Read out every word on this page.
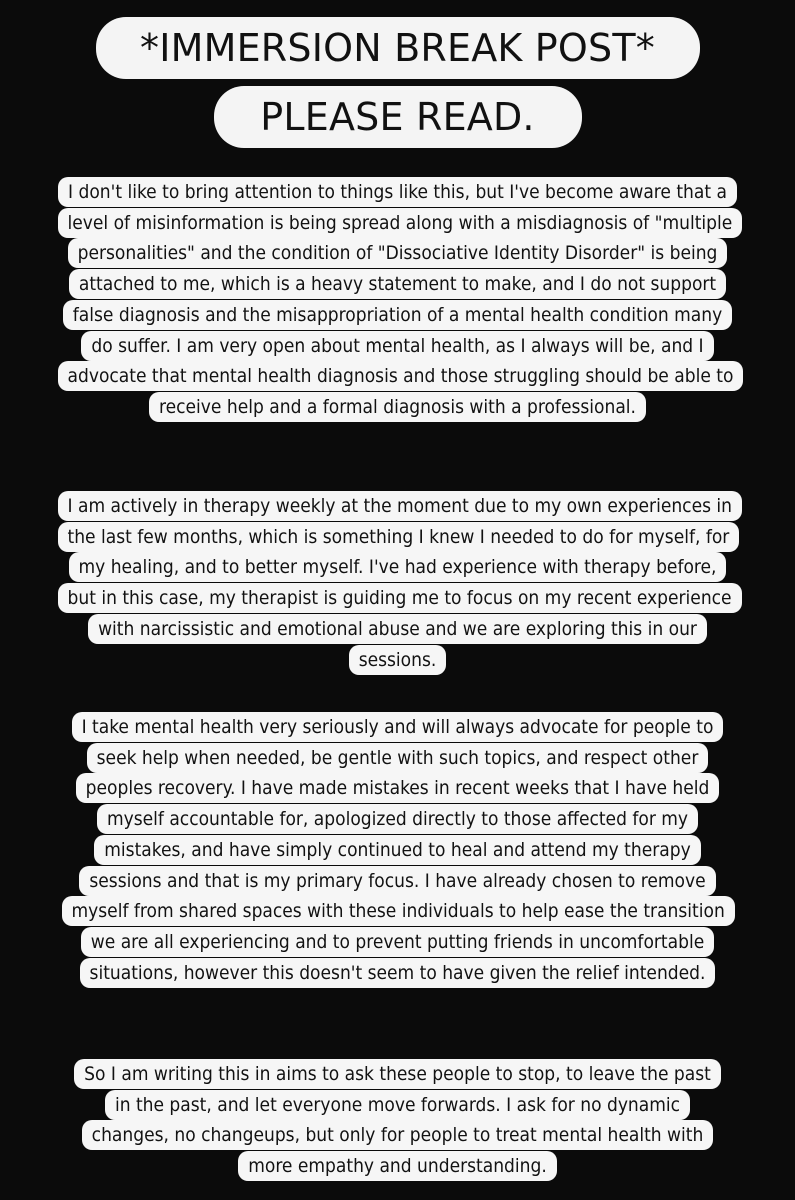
*IMMERSION BREAK POST*
PLEASE READ.
I don't like to bring attention to things like this, but I've become aware that a level of misinformation is being spread along with a misdiagnosis of "multiple personalities" and the condition of "Dissociative Identity Disorder" is being attached to me, which is a heavy statement to make, and I do not support false diagnosis and the misappropriation of a mental health condition many do suffer. I am very open about mental health, as I always will be, and I advocate that mental health diagnosis and those struggling should be able to receive help and a formal diagnosis with a professional.
I am actively in therapy weekly at the moment due to my own experiences in the last few months, which is something I knew I needed to do for myself, for my healing, and to better myself. I've had experience with therapy before, but in this case, my therapist is guiding me to focus on my recent experience with narcissistic and emotional abuse and we are exploring this in our sessions.
I take mental health very seriously and will always advocate for people to seek help when needed, be gentle with such topics, and respect other peoples recovery. I have made mistakes in recent weeks that I have held myself accountable for, apologized directly to those affected for my mistakes, and have simply continued to heal and attend my therapy sessions and that is my primary focus. I have already chosen to remove myself from shared spaces with these individuals to help ease the transition we are all experiencing and to prevent putting friends in uncomfortable situations, however this doesn't seem to have given the relief intended.
So I am writing this in aims to ask these people to stop, to leave the past in the past, and let everyone move forwards. I ask for no dynamic changes, no changeups, but only for people to treat mental health with more empathy and understanding.
